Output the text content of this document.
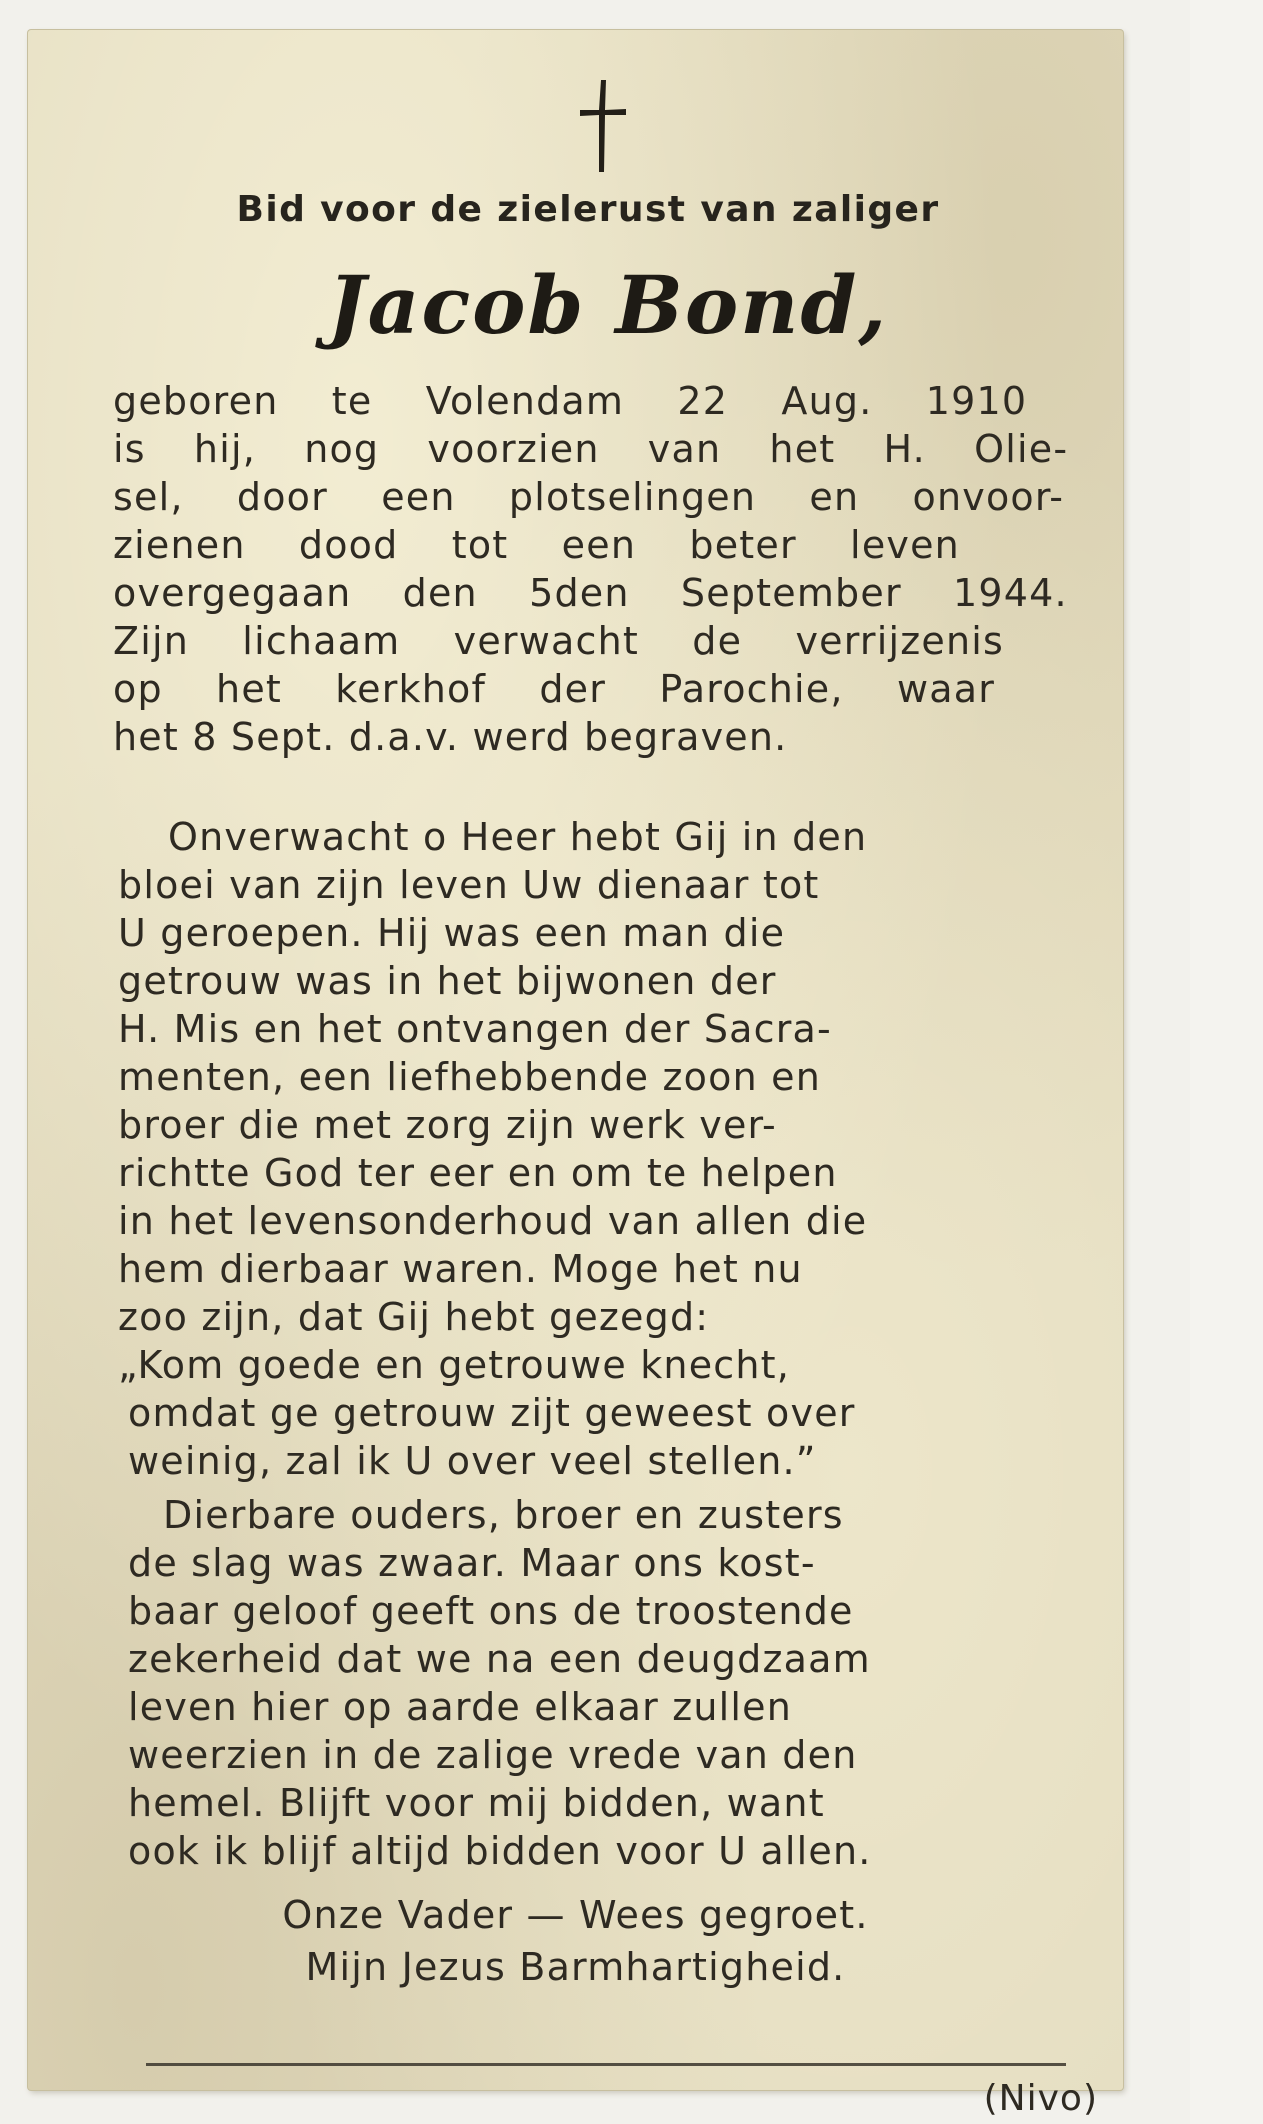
Bid voor de zielerust van zaliger
Jacob Bond,
geboren te Volendam 22 Aug. 1910
is hij, nog voorzien van het H. Olie-
sel, door een plotselingen en onvoor-
zienen dood tot een beter leven
overgegaan den 5den September 1944.
Zijn lichaam verwacht de verrijzenis
op het kerkhof der Parochie, waar
het 8 Sept. d.a.v. werd begraven.
Onverwacht o Heer hebt Gij in den
bloei van zijn leven Uw dienaar tot
U geroepen. Hij was een man die
getrouw was in het bijwonen der
H. Mis en het ontvangen der Sacra-
menten, een liefhebbende zoon en
broer die met zorg zijn werk ver-
richtte God ter eer en om te helpen
in het levensonderhoud van allen die
hem dierbaar waren. Moge het nu
zoo zijn, dat Gij hebt gezegd:
„Kom goede en getrouwe knecht,
omdat ge getrouw zijt geweest over
weinig, zal ik U over veel stellen.”
Dierbare ouders, broer en zusters
de slag was zwaar. Maar ons kost-
baar geloof geeft ons de troostende
zekerheid dat we na een deugdzaam
leven hier op aarde elkaar zullen
weerzien in de zalige vrede van den
hemel. Blijft voor mij bidden, want
ook ik blijf altijd bidden voor U allen.
Onze Vader — Wees gegroet.
Mijn Jezus Barmhartigheid.
(Nivo)
